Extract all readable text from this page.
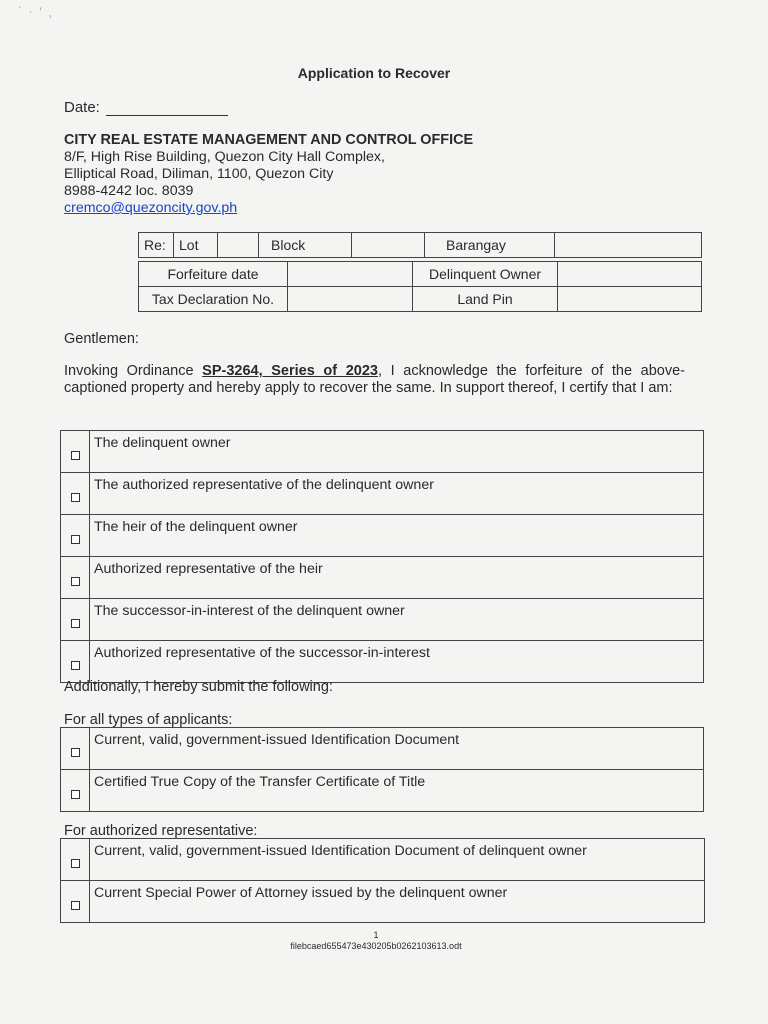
´ · ′ ¸
Application to Recover
Date:
CITY REAL ESTATE MANAGEMENT AND CONTROL OFFICE
8/F, High Rise Building, Quezon City Hall Complex,
Elliptical Road, Diliman, 1100, Quezon City
8988-4242 loc. 8039
cremco@quezoncity.gov.ph
Re:	Lot		Block		Barangay	
Forfeiture date		Delinquent Owner	
Tax Declaration No.		Land Pin	
Gentlemen:
Invoking Ordinance SP-3264, Series of 2023, I acknowledge the forfeiture of the above-captioned property and hereby apply to recover the same. In support thereof, I certify that I am:
	The delinquent owner

	The authorized representative of the delinquent owner

	The heir of the delinquent owner

	Authorized representative of the heir

	The successor-in-interest of the delinquent owner

	Authorized representative of the successor-in-interest
Additionally, I hereby submit the following:
For all types of applicants:
	Current, valid, government-issued Identification Document

	Certified True Copy of the Transfer Certificate of Title
For authorized representative:
	Current, valid, government-issued Identification Document of delinquent owner

	Current Special Power of Attorney issued by the delinquent owner
1
filebcaed655473e430205b0262103613.odt
